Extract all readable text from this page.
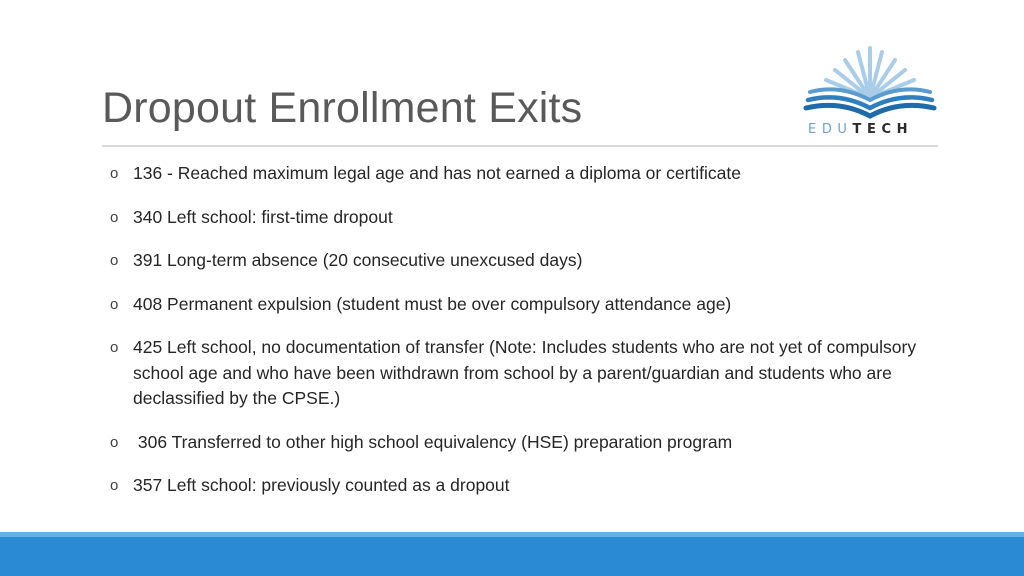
Dropout Enrollment Exits	EDUTECH
o 136 - Reached maximum legal age and has not earned a diploma or certificate
o 340 Left school: first-time dropout
o 391 Long-term absence (20 consecutive unexcused days)
o 408 Permanent expulsion (student must be over compulsory attendance age)
o 425 Left school, no documentation of transfer (Note: Includes students who are not yet of compulsory school age and who have been withdrawn from school by a parent/guardian and students who are declassified by the CPSE.)
o 306 Transferred to other high school equivalency (HSE) preparation program
o 357 Left school: previously counted as a dropout
